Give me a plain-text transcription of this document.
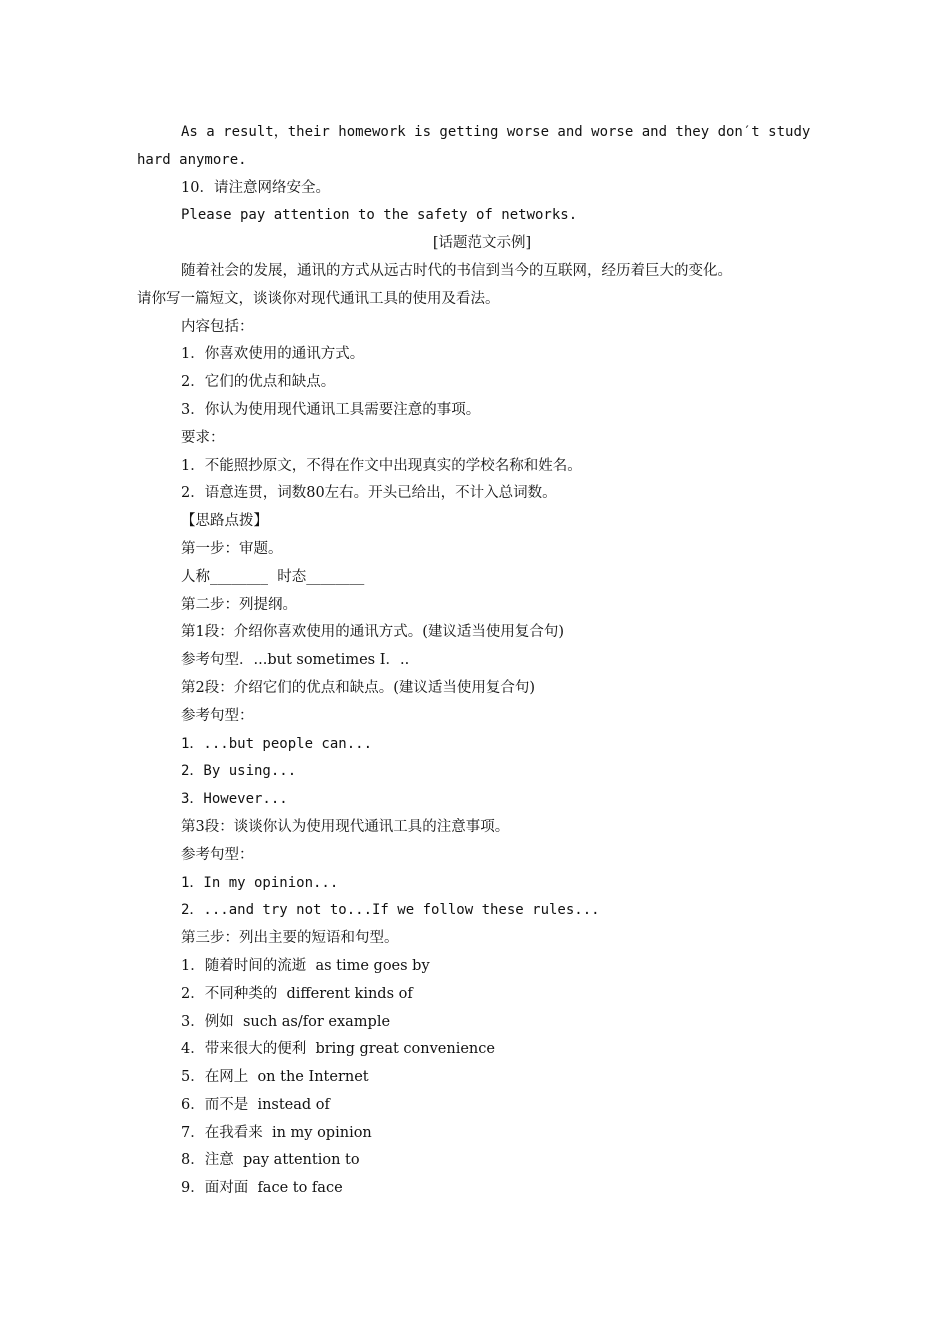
As a result，their homework is getting worse and worse and they don′t study
hard anymore.
10．请注意网络安全。
Please pay attention to the safety of networks.
[话题范文示例]
随着社会的发展，通讯的方式从远古时代的书信到当今的互联网，经历着巨大的变化。
请你写一篇短文，谈谈你对现代通讯工具的使用及看法。
内容包括：
1．你喜欢使用的通讯方式。
2．它们的优点和缺点。
3．你认为使用现代通讯工具需要注意的事项。
要求：
1．不能照抄原文，不得在作文中出现真实的学校名称和姓名。
2．语意连贯，词数80左右。开头已给出，不计入总词数。
【思路点拨】
第一步：审题。
人称________  时态________
第二步：列提纲。
第1段：介绍你喜欢使用的通讯方式。(建议适当使用复合句)
参考句型．...but sometimes I．..
第2段：介绍它们的优点和缺点。(建议适当使用复合句)
参考句型：
1．...but people can...
2．By using...
3．However...
第3段：谈谈你认为使用现代通讯工具的注意事项。
参考句型：
1．In my opinion...
2．...and try not to...If we follow these rules...
第三步：列出主要的短语和句型。
1．随着时间的流逝  as time goes by
2．不同种类的  different kinds of
3．例如  such as/for example
4．带来很大的便利  bring great convenience
5．在网上  on the Internet
6．而不是  instead of
7．在我看来  in my opinion
8．注意  pay attention to
9．面对面  face to face
